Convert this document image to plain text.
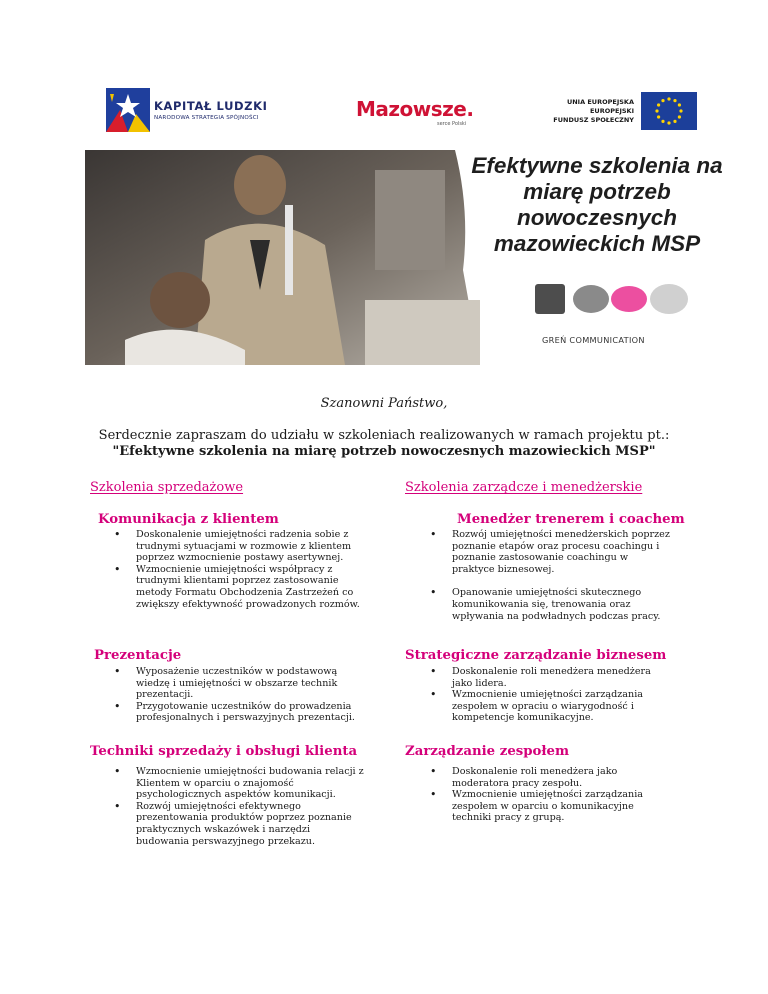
KAPITAŁ LUDZKI
NARODOWA STRATEGIA SPÓJNOŚCI	Mazowsze.
serce Polski
UNIA EUROPEJSKA
EUROPEJSKI
FUNDUSZ SPOŁECZNY
Efektywne szkolenia na miarę potrzeb nowoczesnych mazowieckich MSP
GREŃ COMMUNICATION
Szanowni Państwo,
Serdecznie zapraszam do udziału w szkoleniach realizowanych w ramach projektu pt.:
"Efektywne szkolenia na miarę potrzeb nowoczesnych mazowieckich MSP"
Szkolenia sprzedażowe	Szkolenia zarządcze i menedżerskie
Komunikacja z klientem
• Doskonalenie umiejętności radzenia sobie z trudnymi sytuacjami w rozmowie z klientem poprzez wzmocnienie postawy asertywnej.
• Wzmocnienie umiejętności współpracy z trudnymi klientami poprzez zastosowanie metody Formatu Obchodzenia Zastrzeżeń co zwiększy efektywność prowadzonych rozmów.
Menedżer trenerem i coachem
• Rozwój umiejętności menedżerskich poprzez poznanie etapów oraz procesu coachingu i poznanie zastosowanie coachingu w praktyce biznesowej.
• Opanowanie umiejętności skutecznego komunikowania się, trenowania oraz wpływania na podwładnych podczas pracy.
Prezentacje
• Wyposażenie uczestników w podstawową wiedzę i umiejętności w obszarze technik prezentacji.
• Przygotowanie uczestników do prowadzenia profesjonalnych i perswazyjnych prezentacji.
Strategiczne zarządzanie biznesem
• Doskonalenie roli menedżera menedżera jako lidera.
• Wzmocnienie umiejętności zarządzania zespołem w opraciu o wiarygodność i kompetencje komunikacyjne.
Techniki sprzedaży i obsługi klienta
• Wzmocnienie umiejętności budowania relacji z Klientem w oparciu o znajomość psychologicznych aspektów komunikacji.
• Rozwój umiejętności efektywnego prezentowania produktów poprzez poznanie praktycznych wskazówek i narzędzi budowania perswazyjnego przekazu.
Zarządzanie zespołem
• Doskonalenie roli menedżera jako moderatora pracy zespołu.
• Wzmocnienie umiejętności zarządzania zespołem w oparciu o komunikacyjne techniki pracy z grupą.
